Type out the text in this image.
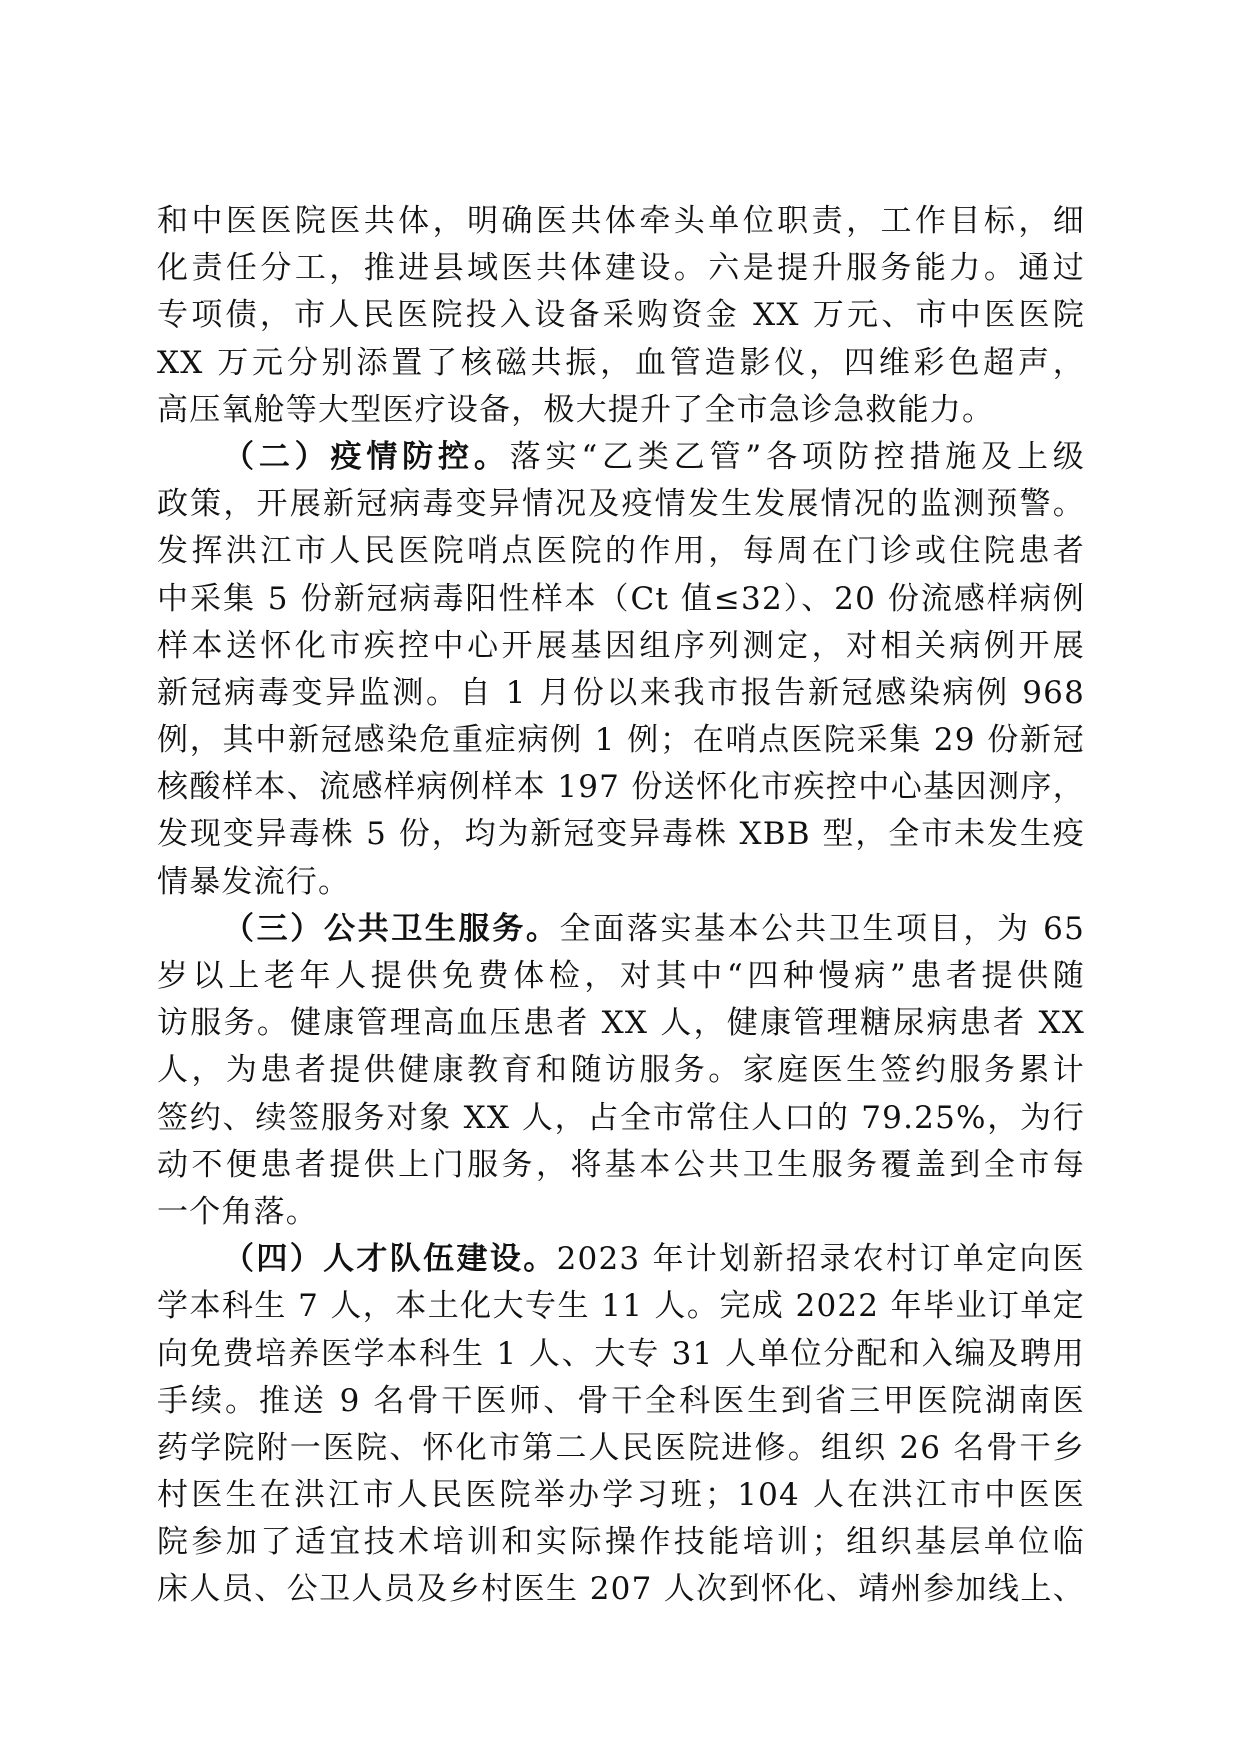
和中医医院医共体，明确医共体牵头单位职责，工作目标，细
化责任分工，推进县域医共体建设。六是提升服务能力。通过
专项债，市人民医院投入设备采购资金 XX 万元、市中医医院
XX 万元分别添置了核磁共振，血管造影仪，四维彩色超声，
高压氧舱等大型医疗设备，极大提升了全市急诊急救能力。
（二）疫情防控。落实“乙类乙管”各项防控措施及上级
政策，开展新冠病毒变异情况及疫情发生发展情况的监测预警。
发挥洪江市人民医院哨点医院的作用，每周在门诊或住院患者
中采集 5 份新冠病毒阳性样本（Ct 值≤32）、20 份流感样病例
样本送怀化市疾控中心开展基因组序列测定，对相关病例开展
新冠病毒变异监测。自 1 月份以来我市报告新冠感染病例 968
例，其中新冠感染危重症病例 1 例；在哨点医院采集 29 份新冠
核酸样本、流感样病例样本 197 份送怀化市疾控中心基因测序，
发现变异毒株 5 份，均为新冠变异毒株 XBB 型，全市未发生疫
情暴发流行。
（三）公共卫生服务。全面落实基本公共卫生项目，为 65
岁以上老年人提供免费体检，对其中“四种慢病”患者提供随
访服务。健康管理高血压患者 XX 人，健康管理糖尿病患者 XX
人，为患者提供健康教育和随访服务。家庭医生签约服务累计
签约、续签服务对象 XX 人，占全市常住人口的 79.25%，为行
动不便患者提供上门服务，将基本公共卫生服务覆盖到全市每
一个角落。
（四）人才队伍建设。2023 年计划新招录农村订单定向医
学本科生 7 人，本土化大专生 11 人。完成 2022 年毕业订单定
向免费培养医学本科生 1 人、大专 31 人单位分配和入编及聘用
手续。推送 9 名骨干医师、骨干全科医生到省三甲医院湖南医
药学院附一医院、怀化市第二人民医院进修。组织 26 名骨干乡
村医生在洪江市人民医院举办学习班；104 人在洪江市中医医
院参加了适宜技术培训和实际操作技能培训；组织基层单位临
床人员、公卫人员及乡村医生 207 人次到怀化、靖州参加线上、
